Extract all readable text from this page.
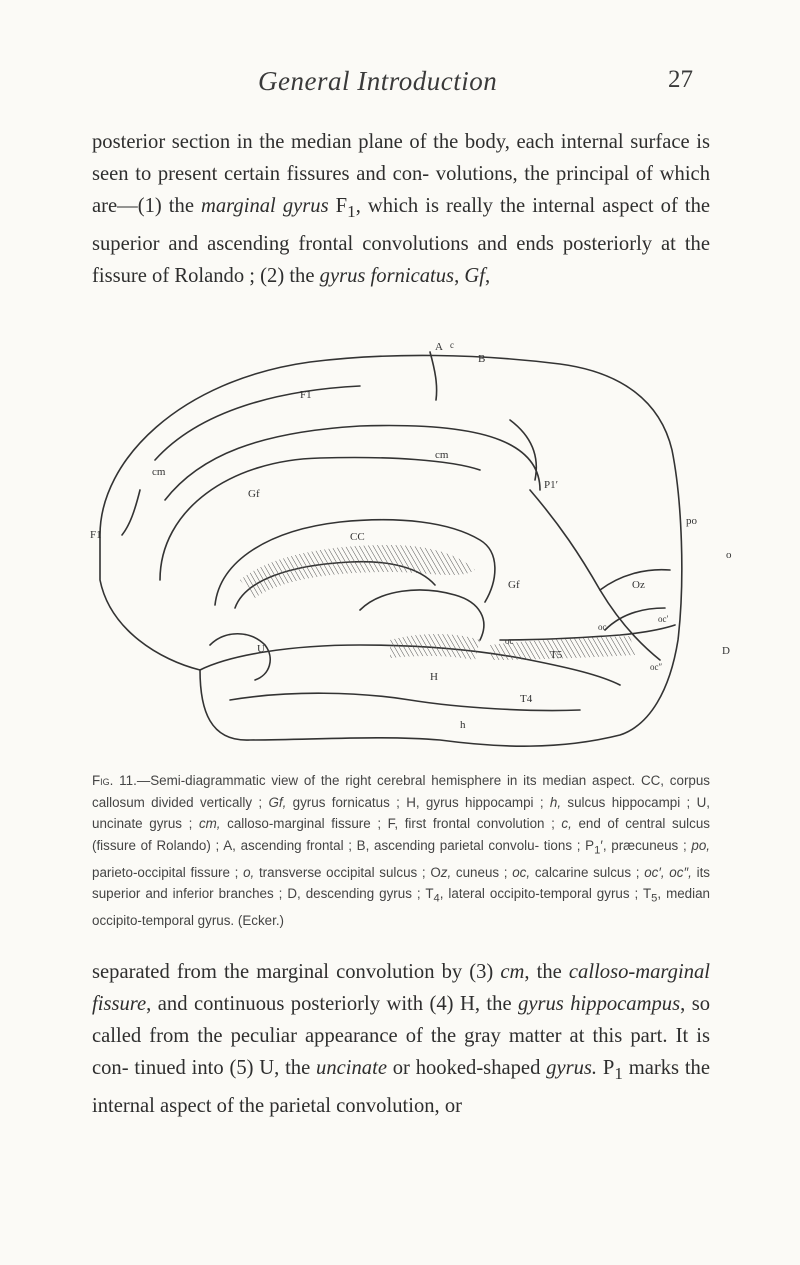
General Introduction	27

posterior section in the median plane of the body, each internal surface is seen to present certain fissures and con- volutions, the principal of which are—(1) the marginal gyrus $F_1$, which is really the internal aspect of the superior and ascending frontal convolutions and ends posteriorly at the fissure of Rolando ; (2) the gyrus fornicatus, Gf,

A c
B
F1
cm
cm
Gf
P1′
F1	CC
po
o
Gf	Oz
oc′
oc
oc
T5	D
oc″
U
H
T4
h
Fig. 11.—Semi-diagrammatic view of the right cerebral hemisphere in its median aspect. CC, corpus callosum divided vertically ; Gf, gyrus fornicatus ; H, gyrus hippocampi ; h, sulcus hippocampi ; U, uncinate gyrus ; cm, calloso-marginal fissure ; F, first frontal convolution ; c, end of central sulcus (fissure of Rolando) ; A, ascending frontal ; B, ascending parietal convolu- tions ; $P_1'$, præcuneus ; po, parieto-occipital fissure ; o, transverse occipital sulcus ; Oz, cuneus ; oc, calcarine sulcus ; oc′, oc″, its superior and inferior branches ; D, descending gyrus ; $T_4$, lateral occipito-temporal gyrus ; $T_5$, median occipito-temporal gyrus. (Ecker.)

separated from the marginal convolution by (3) cm, the calloso-marginal fissure, and continuous posteriorly with (4) H, the gyrus hippocampus, so called from the peculiar appearance of the gray matter at this part. It is con- tinued into (5) U, the uncinate or hooked-shaped gyrus. $P_1$ marks the internal aspect of the parietal convolution, or
